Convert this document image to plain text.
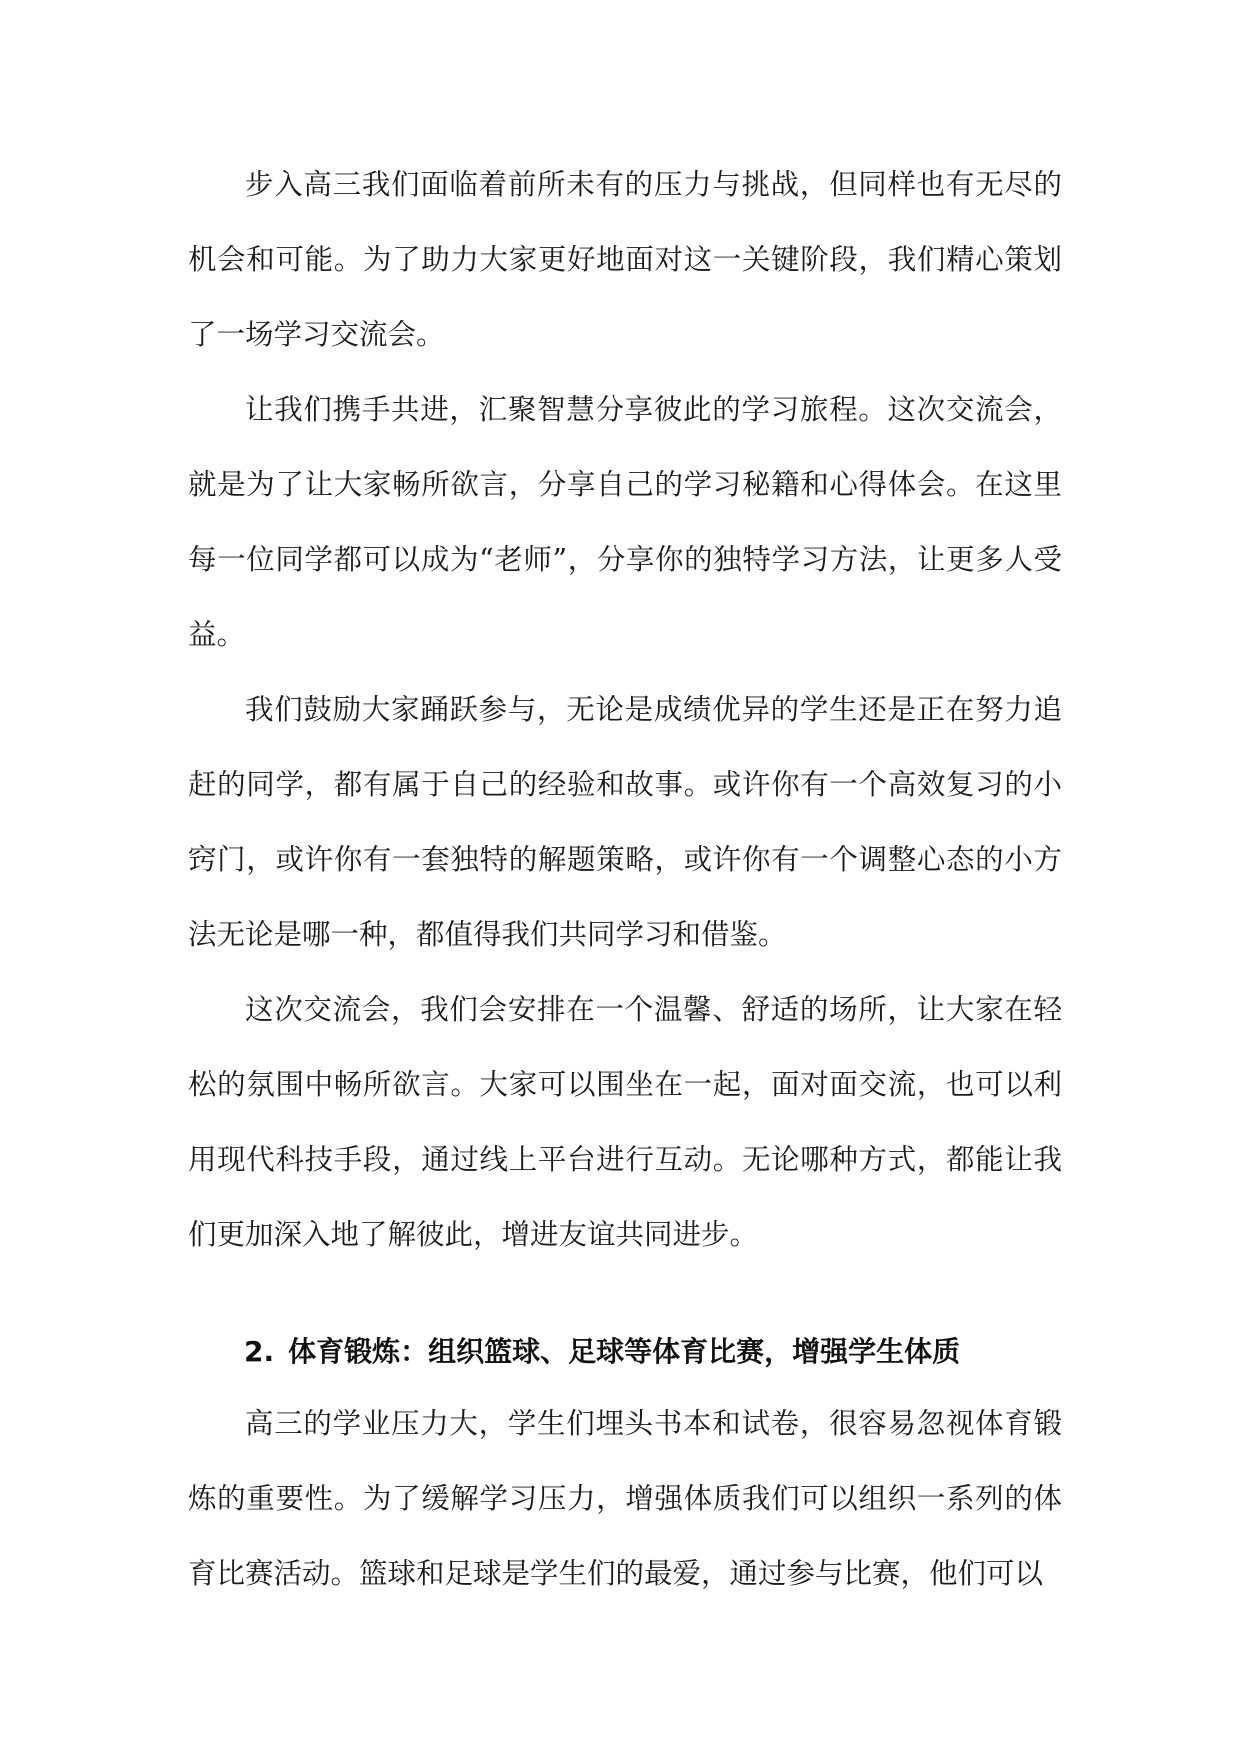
步入高三我们面临着前所未有的压力与挑战，但同样也有无尽的机会和可能。为了助力大家更好地面对这一关键阶段，我们精心策划了一场学习交流会。

让我们携手共进，汇聚智慧分享彼此的学习旅程。这次交流会，就是为了让大家畅所欲言，分享自己的学习秘籍和心得体会。在这里每一位同学都可以成为“老师”，分享你的独特学习方法，让更多人受益。

我们鼓励大家踊跃参与，无论是成绩优异的学生还是正在努力追赶的同学，都有属于自己的经验和故事。或许你有一个高效复习的小窍门，或许你有一套独特的解题策略，或许你有一个调整心态的小方法无论是哪一种，都值得我们共同学习和借鉴。

这次交流会，我们会安排在一个温馨、舒适的场所，让大家在轻松的氛围中畅所欲言。大家可以围坐在一起，面对面交流，也可以利用现代科技手段，通过线上平台进行互动。无论哪种方式，都能让我们更加深入地了解彼此，增进友谊共同进步。

2. 体育锻炼：组织篮球、足球等体育比赛，增强学生体质

高三的学业压力大，学生们埋头书本和试卷，很容易忽视体育锻炼的重要性。为了缓解学习压力，增强体质我们可以组织一系列的体育比赛活动。篮球和足球是学生们的最爱，通过参与比赛，他们可以
